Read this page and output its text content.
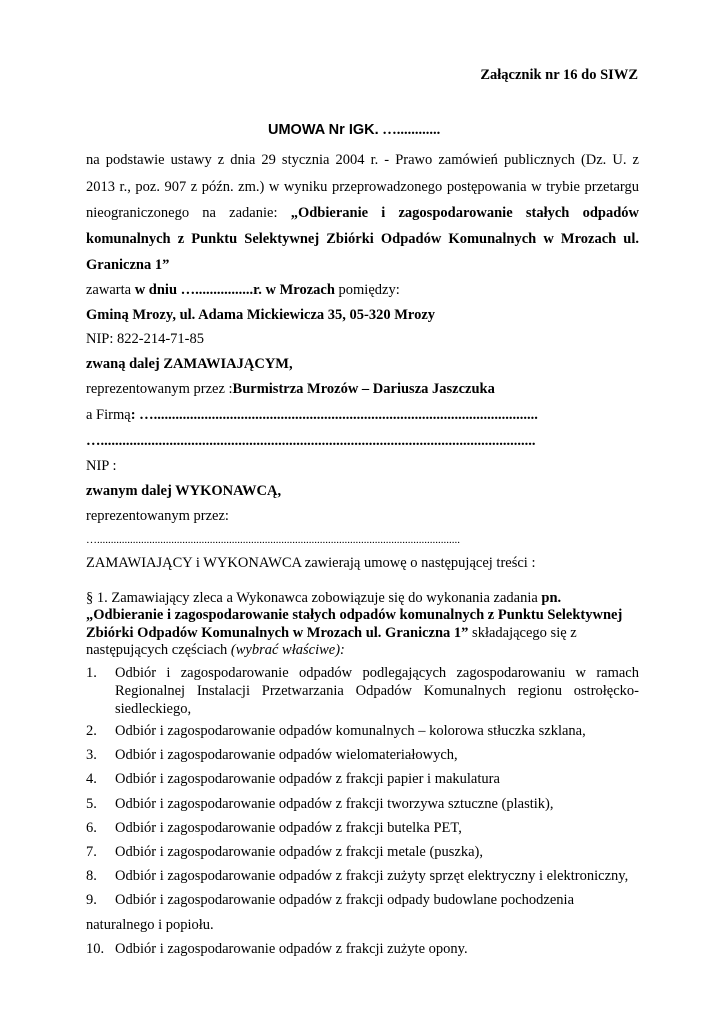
Załącznik nr 16 do SIWZ
UMOWA Nr IGK. …............
na podstawie ustawy z dnia 29 stycznia 2004 r. - Prawo zamówień publicznych (Dz. U. z
2013 r., poz. 907 z późn. zm.) w wyniku przeprowadzonego postępowania w trybie przetargu
nieograniczonego na zadanie: „Odbieranie i zagospodarowanie stałych odpadów
komunalnych z Punktu Selektywnej Zbiórki Odpadów Komunalnych w Mrozach ul.
Graniczna 1”
zawarta w dniu …................r. w Mrozach pomiędzy:
Gminą Mrozy, ul. Adama Mickiewicza 35, 05-320 Mrozy
NIP: 822-214-71-85
zwaną dalej ZAMAWIAJĄCYM,
reprezentowanym przez :Burmistrza Mrozów – Dariusza Jaszczuka
a Firmą: …..........................................................................................................
…........................................................................................................................
NIP :
zwanym dalej WYKONAWCĄ,
reprezentowanym przez:
…....................................................................................................................................
ZAMAWIAJĄCY i WYKONAWCA zawierają umowę o następującej treści :
§ 1. Zamawiający zleca a Wykonawca zobowiązuje się do wykonania zadania pn.
„Odbieranie i zagospodarowanie stałych odpadów komunalnych z Punktu Selektywnej
Zbiórki Odpadów Komunalnych w Mrozach ul. Graniczna 1” składającego się z
następujących częściach (wybrać właściwe):
1. Odbiór i zagospodarowanie odpadów podlegających zagospodarowaniu w ramach Regionalnej Instalacji Przetwarzania Odpadów Komunalnych regionu ostrołęcko-siedleckiego,
2. Odbiór i zagospodarowanie odpadów komunalnych – kolorowa stłuczka szklana,
3. Odbiór i zagospodarowanie odpadów wielomateriałowych,
4. Odbiór i zagospodarowanie odpadów z frakcji papier i makulatura
5. Odbiór i zagospodarowanie odpadów z frakcji tworzywa sztuczne (plastik),
6. Odbiór i zagospodarowanie odpadów z frakcji butelka PET,
7. Odbiór i zagospodarowanie odpadów z frakcji metale (puszka),
8. Odbiór i zagospodarowanie odpadów z frakcji zużyty sprzęt elektryczny i elektroniczny,
9. Odbiór i zagospodarowanie odpadów z frakcji odpady budowlane pochodzenia
naturalnego i popiołu.
10. Odbiór i zagospodarowanie odpadów z frakcji zużyte opony.
